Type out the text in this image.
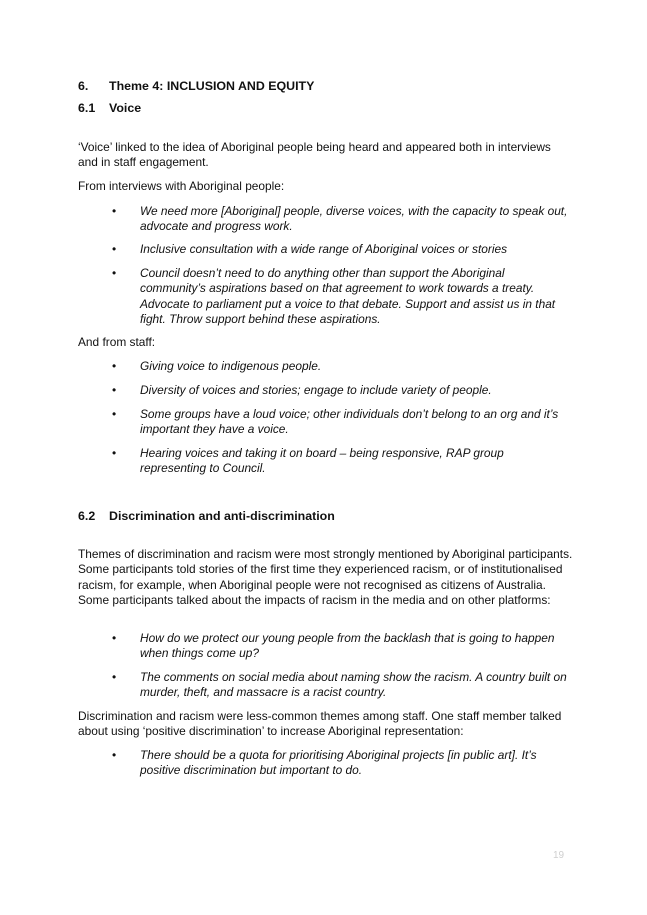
6. Theme 4: INCLUSION AND EQUITY
6.1 Voice

‘Voice’ linked to the idea of Aboriginal people being heard and appeared both in interviews and in staff engagement.

From interviews with Aboriginal people:

•	We need more [Aboriginal] people, diverse voices, with the capacity to speak out, advocate and progress work.

•	Inclusive consultation with a wide range of Aboriginal voices or stories

•	Council doesn’t need to do anything other than support the Aboriginal community’s aspirations based on that agreement to work towards a treaty. Advocate to parliament put a voice to that debate. Support and assist us in that fight. Throw support behind these aspirations.

And from staff:

•	Giving voice to indigenous people.

•	Diversity of voices and stories; engage to include variety of people.

•	Some groups have a loud voice; other individuals don’t belong to an org and it’s important they have a voice.

•	Hearing voices and taking it on board – being responsive, RAP group representing to Council.

6.2 Discrimination and anti-discrimination

Themes of discrimination and racism were most strongly mentioned by Aboriginal participants. Some participants told stories of the first time they experienced racism, or of institutionalised racism, for example, when Aboriginal people were not recognised as citizens of Australia. Some participants talked about the impacts of racism in the media and on other platforms:

•	How do we protect our young people from the backlash that is going to happen when things come up?

•	The comments on social media about naming show the racism. A country built on murder, theft, and massacre is a racist country.

Discrimination and racism were less-common themes among staff. One staff member talked about using ‘positive discrimination’ to increase Aboriginal representation:

•	There should be a quota for prioritising Aboriginal projects [in public art]. It’s positive discrimination but important to do.

19
